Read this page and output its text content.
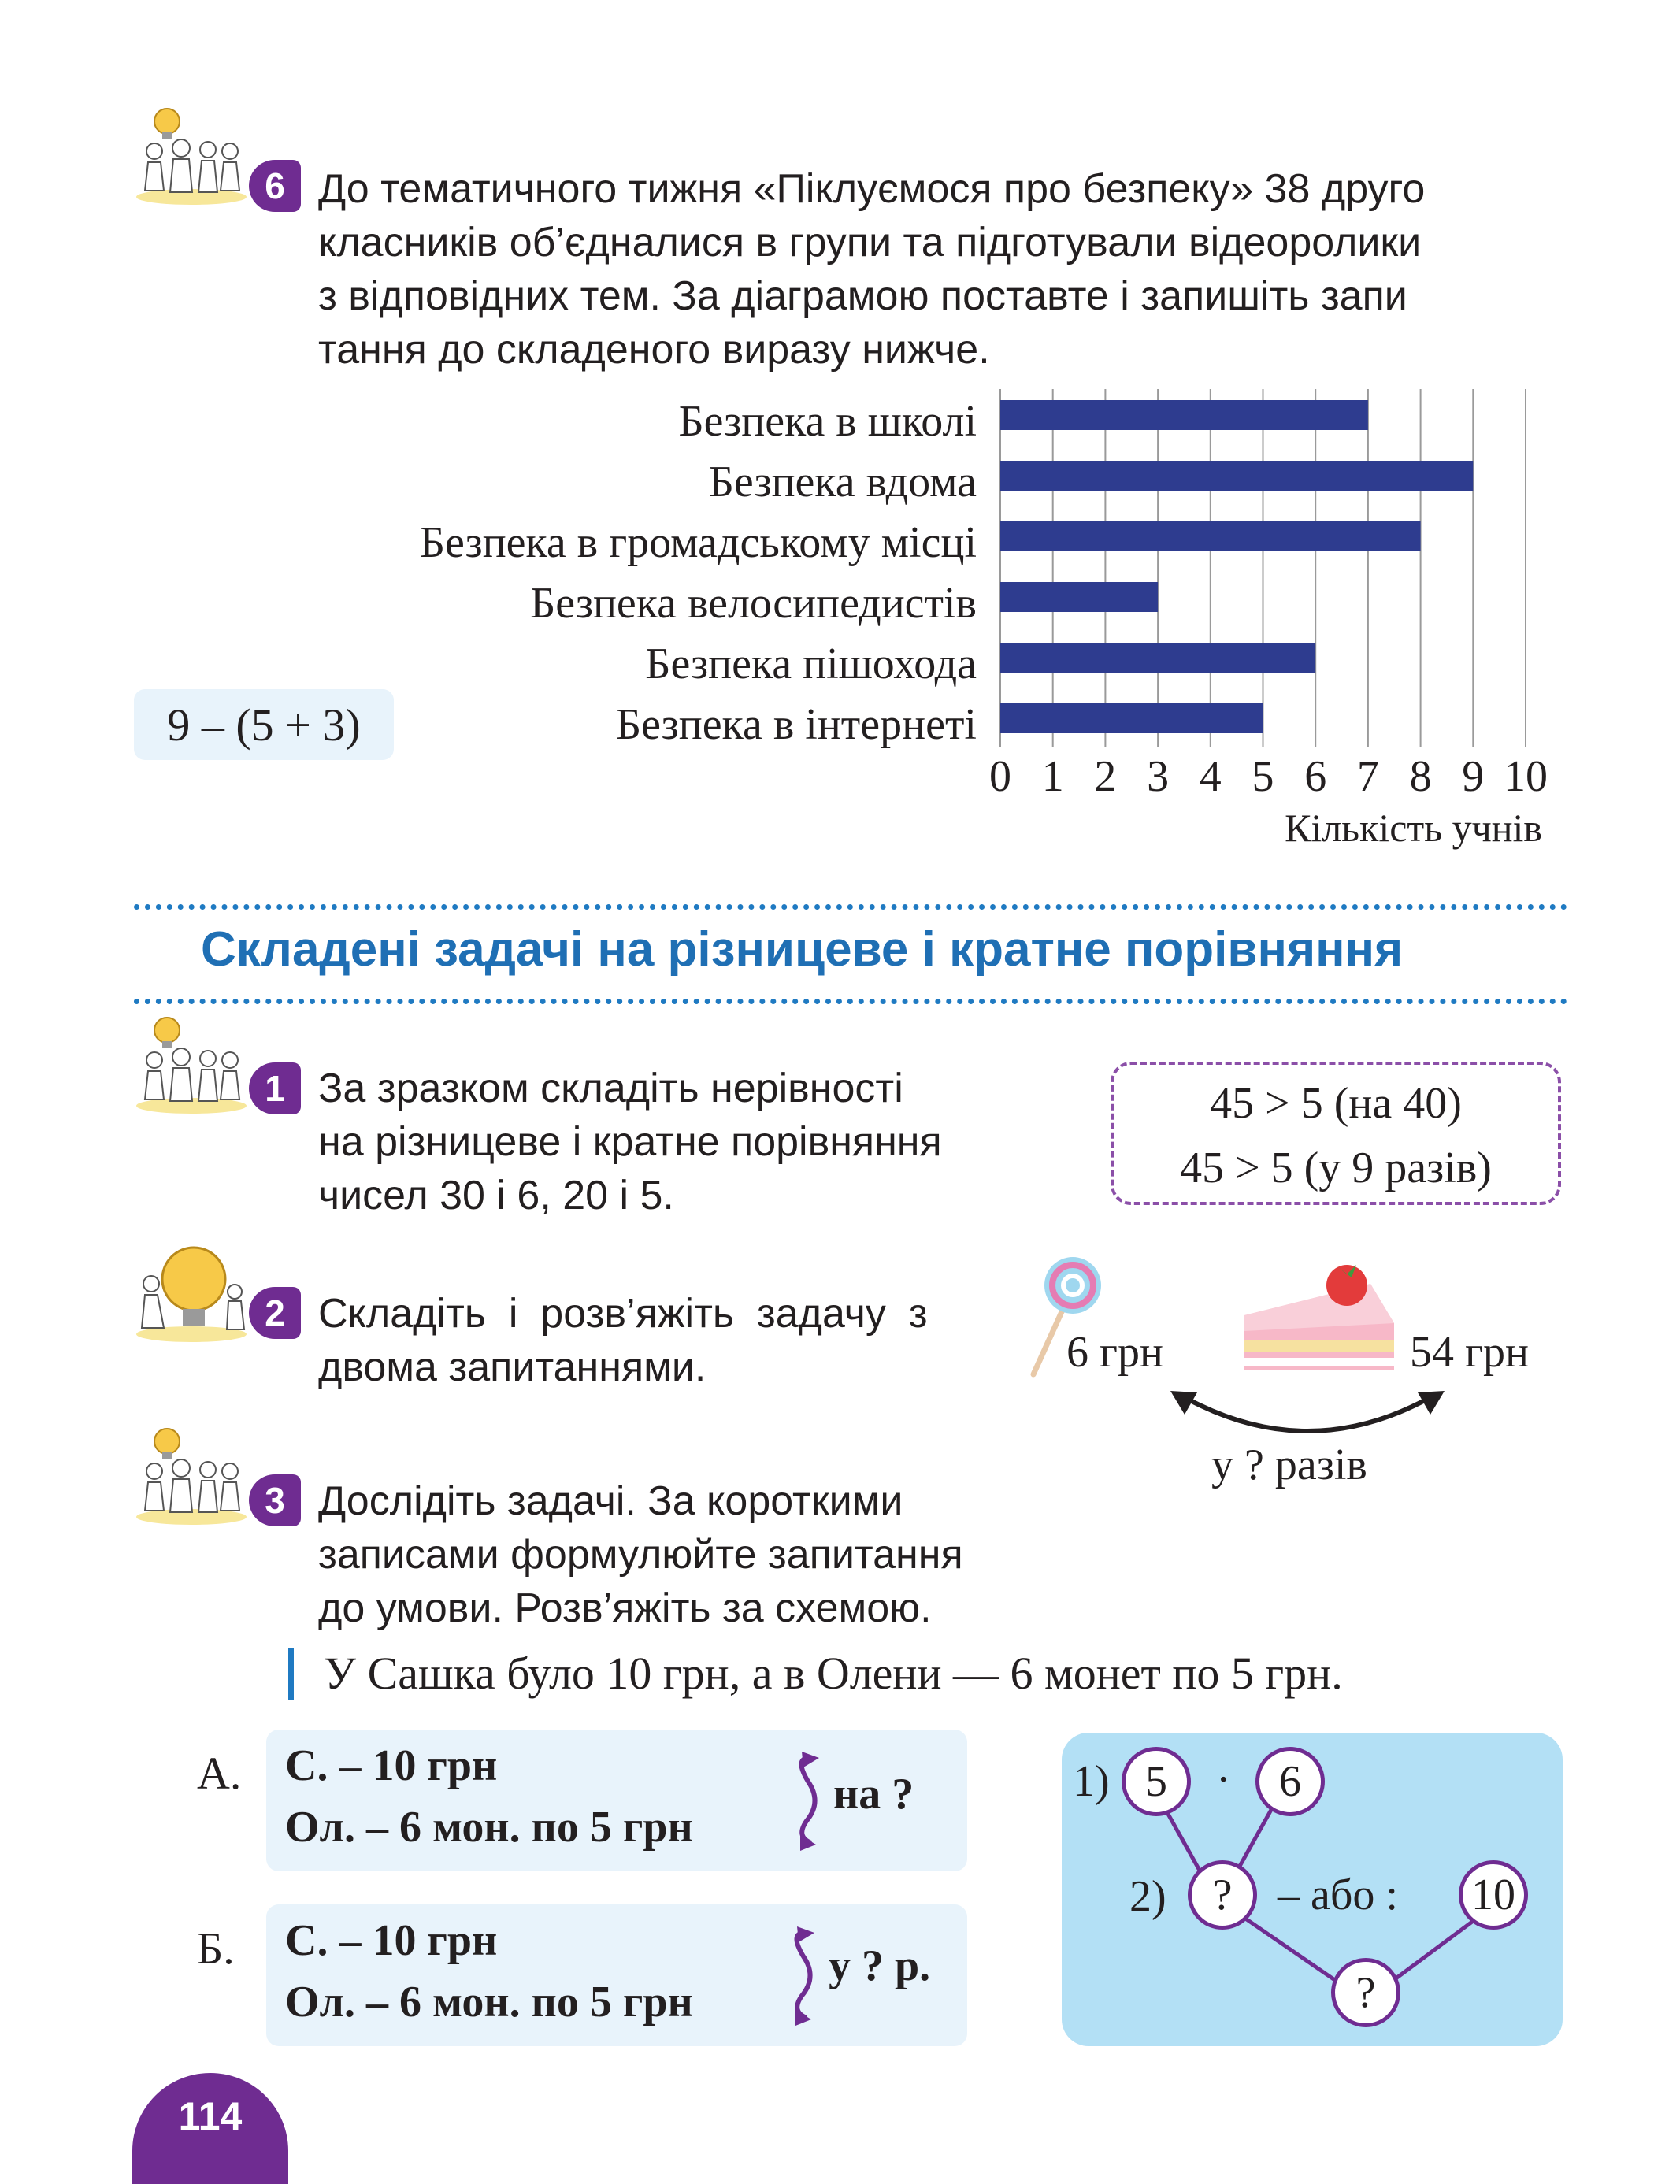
6 До тематичного тижня «Піклуємося про безпеку» 38 друго
класників об’єдналися в групи та підготували відеоролики
з відповідних тем. За діаграмою поставте і запишіть запи
тання до складеного виразу нижче.
Безпека в школі
Безпека вдома
Безпека в громадському місці
Безпека велосипедистів
Безпека пішохода
Безпека в інтернеті
0 1 2 3 4 5 6 7 8 9 10
Кількість учнів
9 – (5 + 3)
Складені задачі на різницеве і кратне порівняння
1 За зразком складіть нерівності
на різницеве і кратне порівняння
чисел 30 і 6, 20 і 5.
45 > 5 (на 40)
45 > 5 (у 9 разів)
2 Складіть  і  розв’яжіть  задачу  з
двома запитаннями.	6 грн	54 грн
у ? разів
3 Дослідіть задачі. За короткими
записами формулюйте запитання
до умови. Розв’яжіть за схемою.
У Сашка було 10 грн, а в Олени — 6 монет по 5 грн.
А. С. – 10 грн
Ол. – 6 мон. по 5 грн
на ?
Б. С. – 10 грн
Ол. – 6 мон. по 5 грн
у ? р.
1) 5	·	6
2)	?	– або : 10
?
114
